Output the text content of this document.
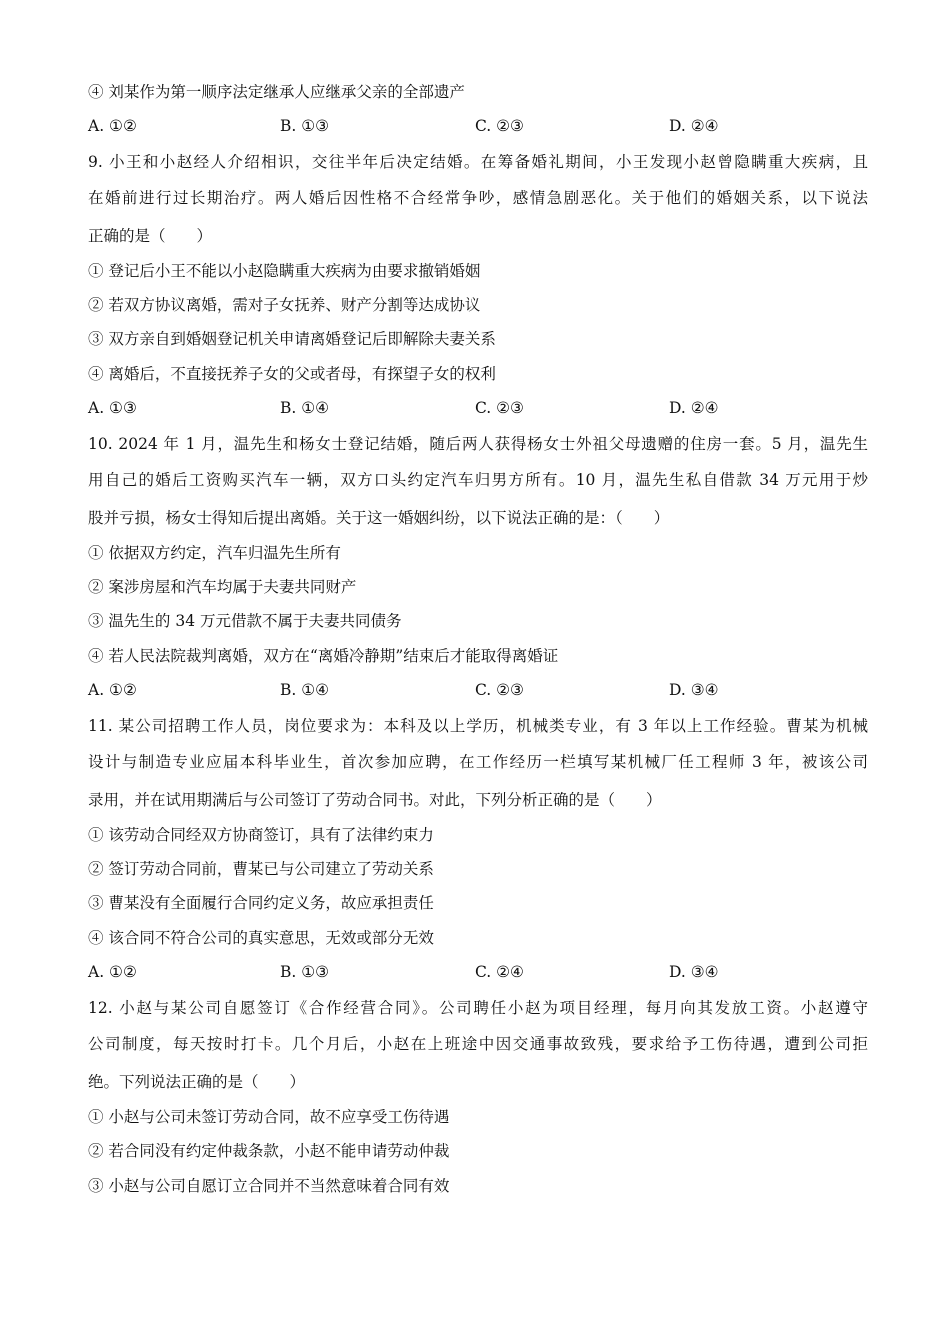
④ 刘某作为第一顺序法定继承人应继承父亲的全部遗产
A. ①②	B. ①③	C. ②③	D. ②④
9. 小王和小赵经人介绍相识，交往半年后决定结婚。在筹备婚礼期间，小王发现小赵曾隐瞒重大疾病，且
在婚前进行过长期治疗。两人婚后因性格不合经常争吵，感情急剧恶化。关于他们的婚姻关系，以下说法
正确的是（　　）
① 登记后小王不能以小赵隐瞒重大疾病为由要求撤销婚姻
② 若双方协议离婚，需对子女抚养、财产分割等达成协议
③ 双方亲自到婚姻登记机关申请离婚登记后即解除夫妻关系
④ 离婚后，不直接抚养子女的父或者母，有探望子女的权利
A. ①③	B. ①④	C. ②③	D. ②④
10. 2024 年 1 月，温先生和杨女士登记结婚，随后两人获得杨女士外祖父母遗赠的住房一套。5 月，温先生
用自己的婚后工资购买汽车一辆，双方口头约定汽车归男方所有。10 月，温先生私自借款 34 万元用于炒
股并亏损，杨女士得知后提出离婚。关于这一婚姻纠纷，以下说法正确的是：（　　）
① 依据双方约定，汽车归温先生所有
② 案涉房屋和汽车均属于夫妻共同财产
③ 温先生的 34 万元借款不属于夫妻共同债务
④ 若人民法院裁判离婚，双方在“离婚冷静期”结束后才能取得离婚证
A. ①②	B. ①④	C. ②③	D. ③④
11. 某公司招聘工作人员，岗位要求为：本科及以上学历，机械类专业，有 3 年以上工作经验。曹某为机械
设计与制造专业应届本科毕业生，首次参加应聘，在工作经历一栏填写某机械厂任工程师 3 年，被该公司
录用，并在试用期满后与公司签订了劳动合同书。对此，下列分析正确的是（　　）
① 该劳动合同经双方协商签订，具有了法律约束力
② 签订劳动合同前，曹某已与公司建立了劳动关系
③ 曹某没有全面履行合同约定义务，故应承担责任
④ 该合同不符合公司的真实意思，无效或部分无效
A. ①②	B. ①③	C. ②④	D. ③④
12. 小赵与某公司自愿签订《合作经营合同》。公司聘任小赵为项目经理，每月向其发放工资。小赵遵守
公司制度，每天按时打卡。几个月后，小赵在上班途中因交通事故致残，要求给予工伤待遇，遭到公司拒
绝。下列说法正确的是（　　）
① 小赵与公司未签订劳动合同，故不应享受工伤待遇
② 若合同没有约定仲裁条款，小赵不能申请劳动仲裁
③ 小赵与公司自愿订立合同并不当然意味着合同有效
